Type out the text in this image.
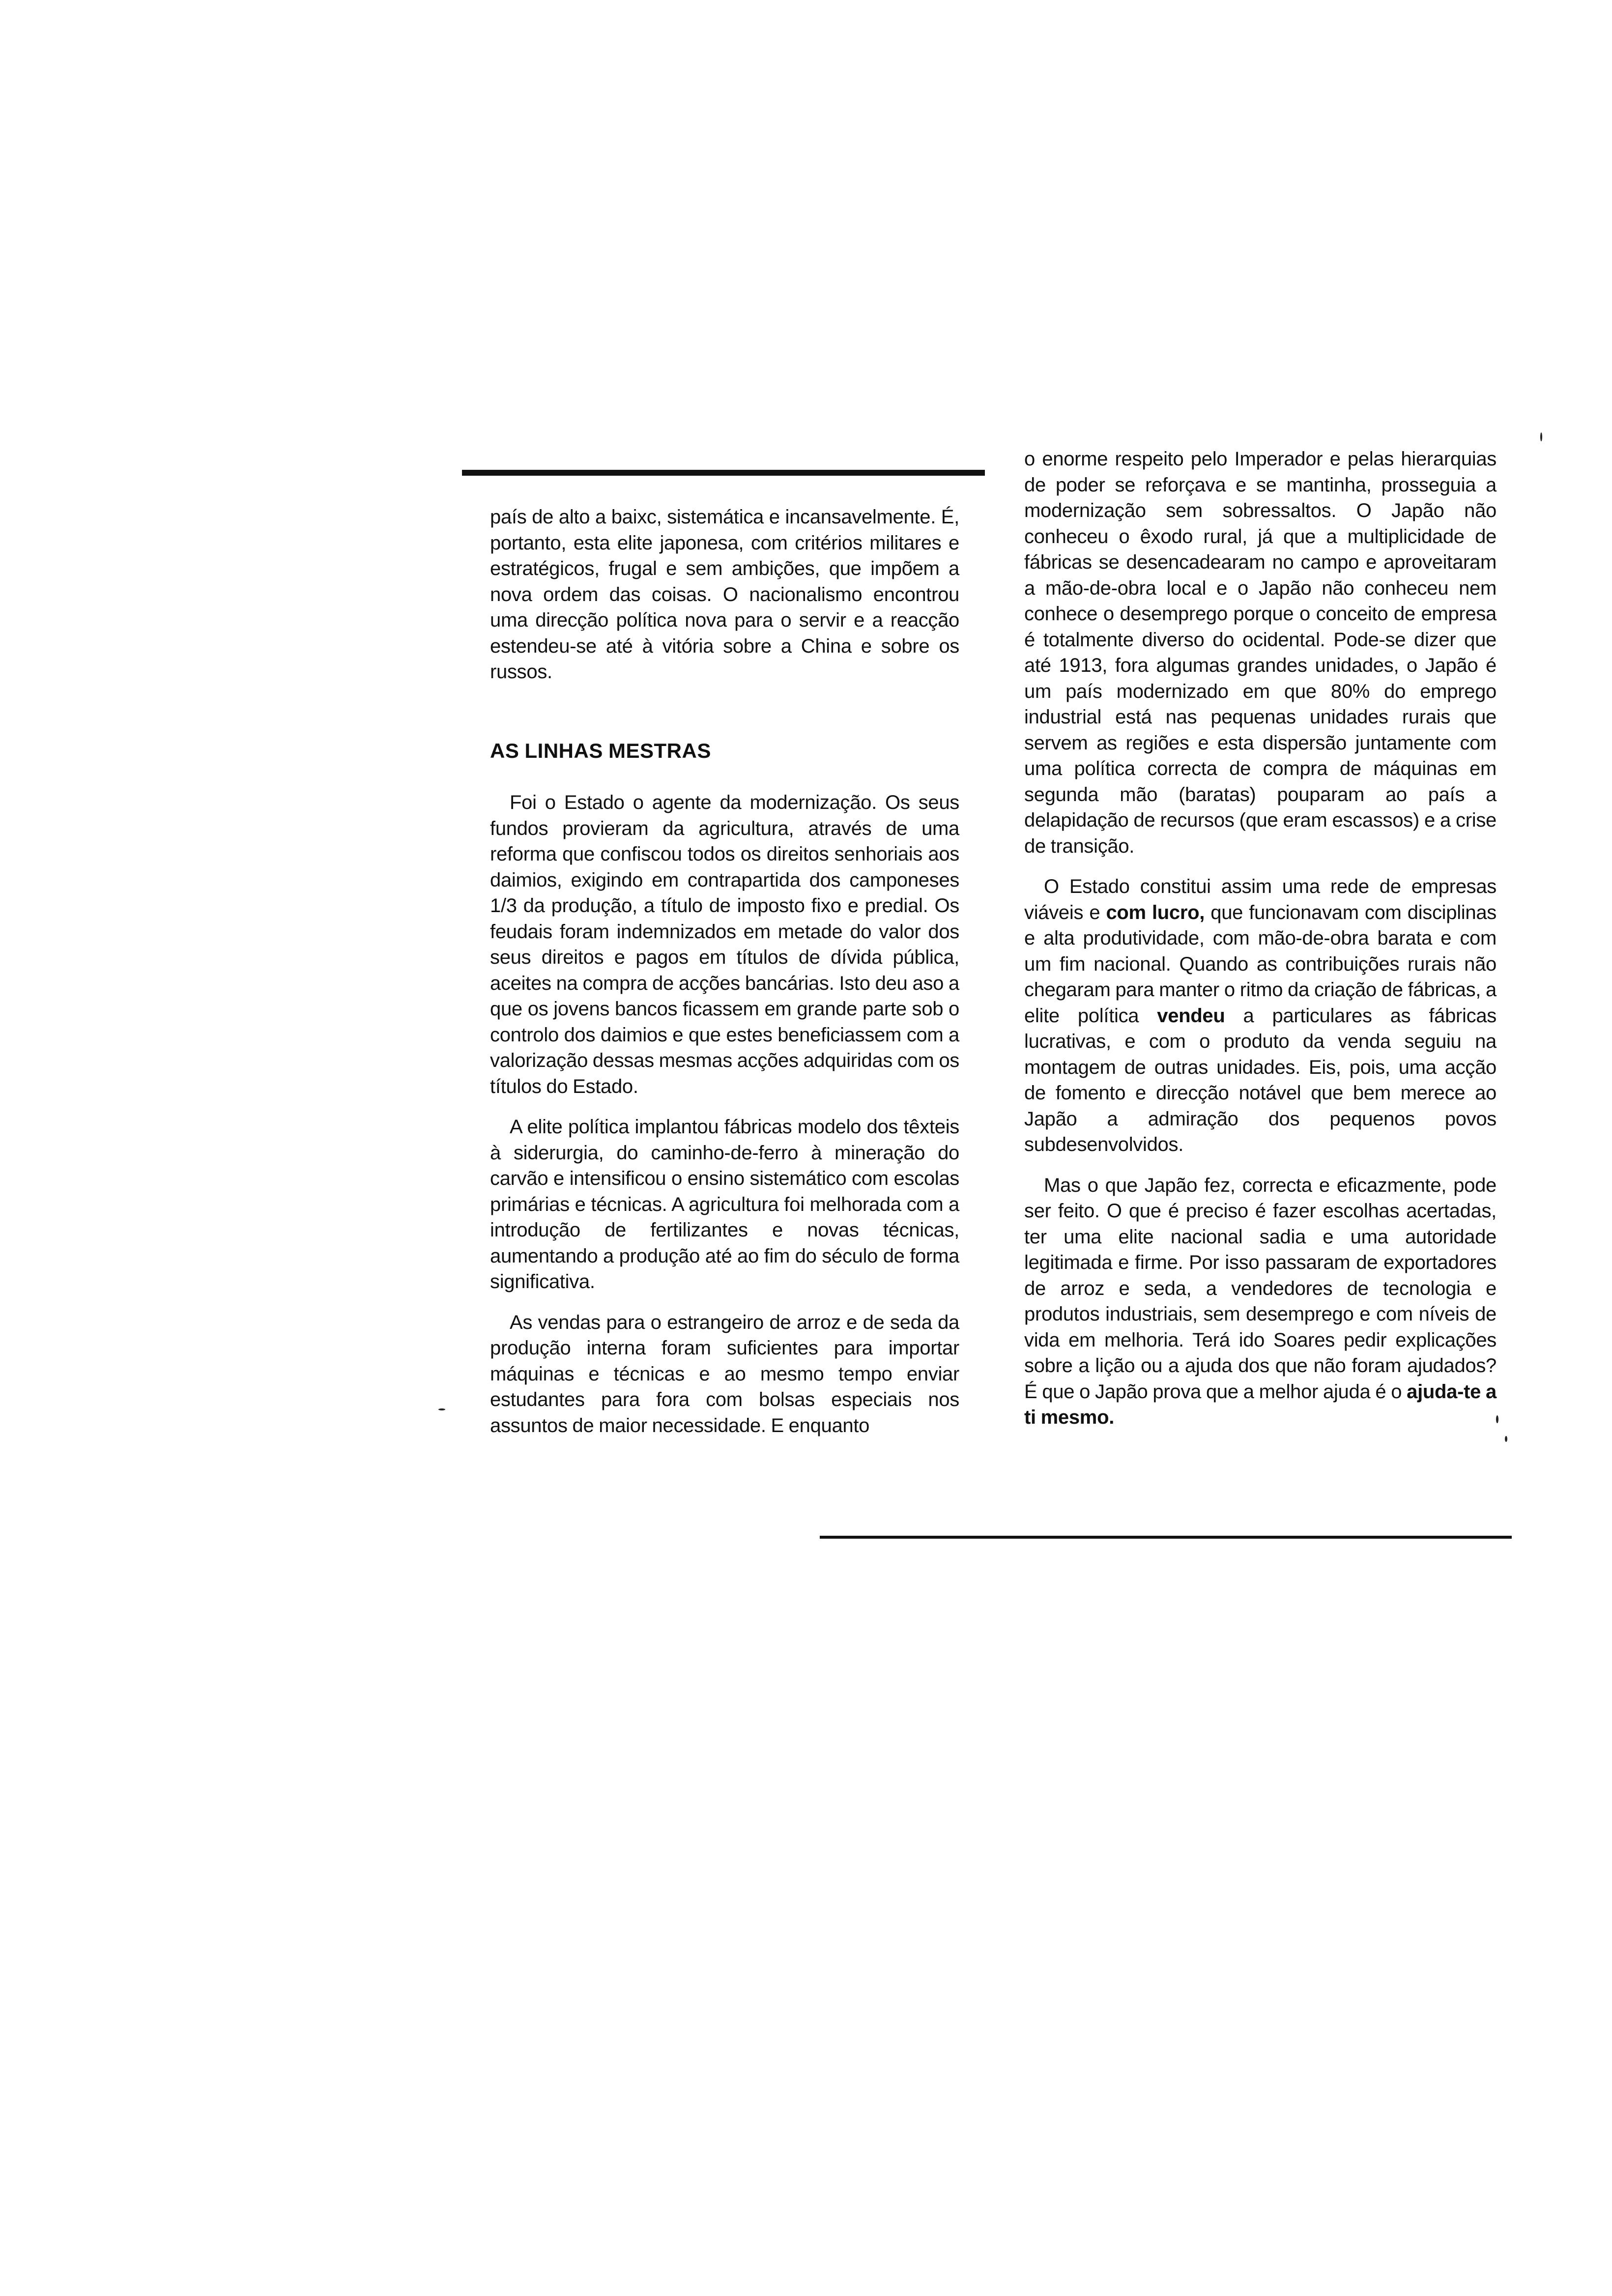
país de alto a baixc, sistemática e incansavelmente. É, portanto, esta elite japonesa, com critérios militares e estratégicos, frugal e sem ambições, que impõem a nova ordem das coisas. O nacionalismo encontrou uma direcção política nova para o servir e a reacção estendeu-se até à vitória sobre a China e sobre os russos.

AS LINHAS MESTRAS

Foi o Estado o agente da modernização. Os seus fundos provieram da agricultura, através de uma reforma que confiscou todos os direitos senhoriais aos daimios, exigindo em contrapartida dos camponeses 1/3 da produção, a título de imposto fixo e predial. Os feudais foram indemnizados em metade do valor dos seus direitos e pagos em títulos de dívida pública, aceites na compra de acções bancárias. Isto deu aso a que os jovens bancos ficassem em grande parte sob o controlo dos daimios e que estes beneficiassem com a valorização dessas mesmas acções adquiridas com os títulos do Estado.

A elite política implantou fábricas modelo dos têxteis à siderurgia, do caminho-de-ferro à mineração do carvão e intensificou o ensino sistemático com escolas primárias e técnicas. A agricultura foi melhorada com a introdução de fertilizantes e novas técnicas, aumentando a produção até ao fim do século de forma significativa.

As vendas para o estrangeiro de arroz e de seda da produção interna foram suficientes para importar máquinas e técnicas e ao mesmo tempo enviar estudantes para fora com bolsas especiais nos assuntos de maior necessidade. E enquanto

o enorme respeito pelo Imperador e pelas hierarquias de poder se reforçava e se mantinha, prosseguia a modernização sem sobressaltos. O Japão não conheceu o êxodo rural, já que a multiplicidade de fábricas se desencadearam no campo e aproveitaram a mão-de-obra local e o Japão não conheceu nem conhece o desemprego porque o conceito de empresa é totalmente diverso do ocidental. Pode-se dizer que até 1913, fora algumas grandes unidades, o Japão é um país modernizado em que 80% do emprego industrial está nas pequenas unidades rurais que servem as regiões e esta dispersão juntamente com uma política correcta de compra de máquinas em segunda mão (baratas) pouparam ao país a delapidação de recursos (que eram escassos) e a crise de transição.

O Estado constitui assim uma rede de empresas viáveis e com lucro, que funcionavam com disciplinas e alta produtividade, com mão-de-obra barata e com um fim nacional. Quando as contribuições rurais não chegaram para manter o ritmo da criação de fábricas, a elite política vendeu a particulares as fábricas lucrativas, e com o produto da venda seguiu na montagem de outras unidades. Eis, pois, uma acção de fomento e direcção notável que bem merece ao Japão a admiração dos pequenos povos subdesenvolvidos.

Mas o que Japão fez, correcta e eficazmente, pode ser feito. O que é preciso é fazer escolhas acertadas, ter uma elite nacional sadia e uma autoridade legitimada e firme. Por isso passaram de exportadores de arroz e seda, a vendedores de tecnologia e produtos industriais, sem desemprego e com níveis de vida em melhoria. Terá ido Soares pedir explicações sobre a lição ou a ajuda dos que não foram ajudados? É que o Japão prova que a melhor ajuda é o ajuda-te a ti mesmo.
